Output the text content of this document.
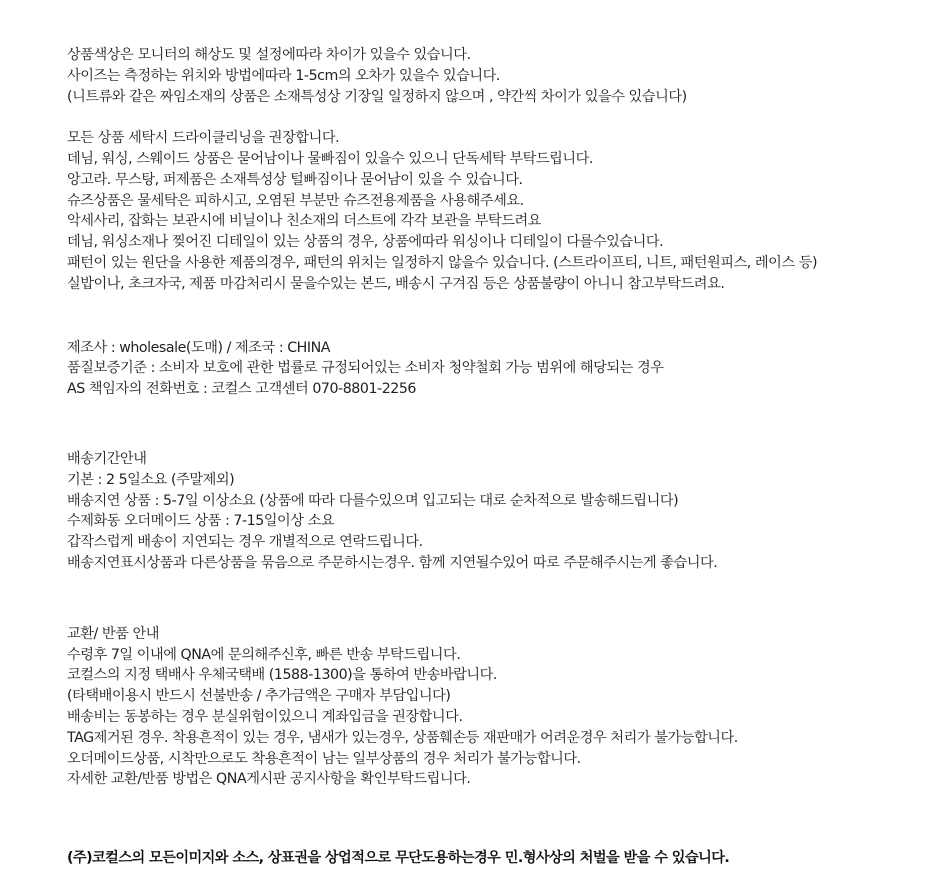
상품색상은 모니터의 해상도 및 설정에따라 차이가 있을수 있습니다.
사이즈는 측정하는 위치와 방법에따라 1-5cm의 오차가 있을수 있습니다.
(니트류와 같은 짜임소재의 상품은 소재특성상 기장일 일정하지 않으며 , 약간씩 차이가 있을수 있습니다)
모든 상품 세탁시 드라이클리닝을 권장합니다.
데님, 워싱, 스웨이드 상품은 묻어남이나 물빠짐이 있을수 있으니 단독세탁 부탁드립니다.
앙고라. 무스탕, 퍼제품은 소재특성상 털빠짐이나 묻어남이 있을 수 있습니다.
슈즈상품은 물세탁은 피하시고, 오염된 부분만 슈즈전용제품을 사용해주세요.
악세사리, 잡화는 보관시에 비닐이나 친소재의 더스트에 각각 보관을 부탁드려요
데님, 워싱소재나 찢어진 디테일이 있는 상품의 경우, 상품에따라 워싱이나 디테일이 다를수있습니다.
패턴이 있는 원단을 사용한 제품의경우, 패턴의 위치는 일정하지 않을수 있습니다. (스트라이프티, 니트, 패턴원피스, 레이스 등)
실밥이나, 초크자국, 제품 마감처리시 묻을수있는 본드, 배송시 구겨짐 등은 상품불량이 아니니 참고부탁드려요.
제조사 : wholesale(도매) / 제조국 : CHINA
품질보증기준 : 소비자 보호에 관한 법률로 규정되어있는 소비자 청약철회 가능 범위에 해당되는 경우
AS 책임자의 전화번호 : 코컬스 고객센터 070-8801-2256
배송기간안내
기본 : 2 5일소요 (주말제외)
배송지연 상품 : 5-7일 이상소요 (상품에 따라 다를수있으며 입고되는 대로 순차적으로 발송해드립니다)
수제화동 오더메이드 상품 : 7-15일이상 소요
갑작스럽게 배송이 지연되는 경우 개별적으로 연락드립니다.
배송지연표시상품과 다른상품을 묶음으로 주문하시는경우. 함께 지연될수있어 따로 주문해주시는게 좋습니다.
교환/ 반품 안내
수령후 7일 이내에 QNA에 문의해주신후, 빠른 반송 부탁드립니다.
코컬스의 지정 택배사 우체국택배 (1588-1300)을 통하여 반송바랍니다.
(타택배이용시 반드시 선불반송 / 추가금액은 구매자 부담입니다)
배송비는 동봉하는 경우 분실위험이있으니 계좌입금을 권장합니다.
TAG제거된 경우. 착용흔적이 있는 경우, 냄새가 있는경우, 상품훼손등 재판매가 어려운경우 처리가 불가능합니다.
오더메이드상품, 시착만으로도 착용흔적이 남는 일부상품의 경우 처리가 불가능합니다.
자세한 교환/반품 방법은 QNA게시판 공지사항을 확인부탁드립니다.
(주)코컬스의 모든이미지와 소스, 상표권을 상업적으로 무단도용하는경우 민.형사상의 처벌을 받을 수 있습니다.
